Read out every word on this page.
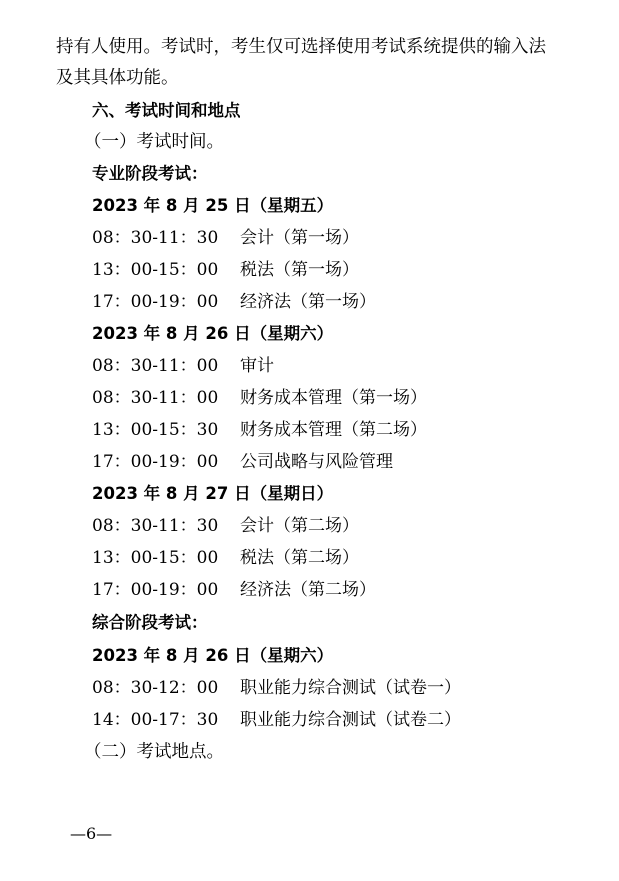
持有人使用。考试时，考生仅可选择使用考试系统提供的输入法
及其具体功能。
六、考试时间和地点
（一）考试时间。
专业阶段考试：
2023 年 8 月 25 日（星期五）
08：30-11：30 会计（第一场）
13：00-15：00 税法（第一场）
17：00-19：00 经济法（第一场）
2023 年 8 月 26 日（星期六）
08：30-11：00 审计
08：30-11：00 财务成本管理（第一场）
13：00-15：30 财务成本管理（第二场）
17：00-19：00 公司战略与风险管理
2023 年 8 月 27 日（星期日）
08：30-11：30 会计（第二场）
13：00-15：00 税法（第二场）
17：00-19：00 经济法（第二场）
综合阶段考试：
2023 年 8 月 26 日（星期六）
08：30-12：00 职业能力综合测试（试卷一）
14：00-17：30 职业能力综合测试（试卷二）
（二）考试地点。
—6—
